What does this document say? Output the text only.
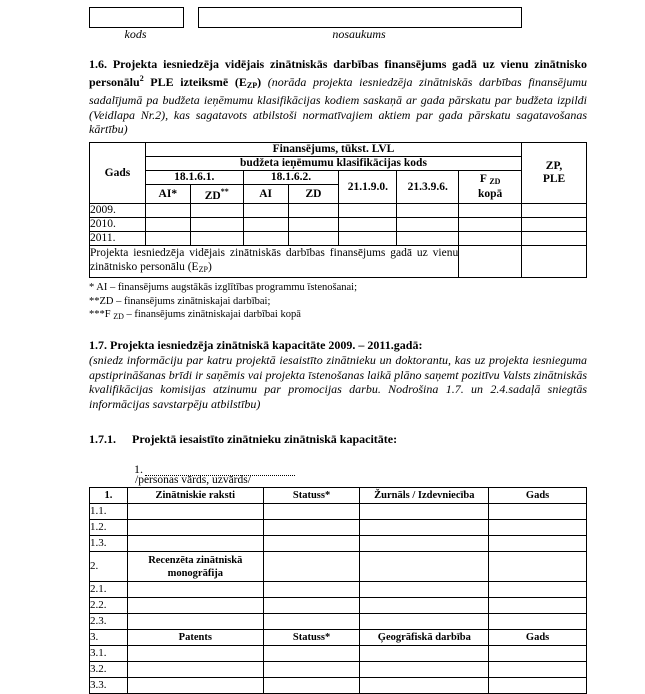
kods	nosaukums
1.6. Projekta iesniedzēja vidējais zinātniskās darbības finansējums gadā uz vienu zinātnisko personālu$^2$ PLE izteiksmē $(E_{ZP})$ (norāda projekta iesniedzēja zinātniskās darbības finansējumu sadalījumā pa budžeta ieņēmumu klasifikācijas kodiem saskaņā ar gada pārskatu par budžeta izpildi (Veidlapa Nr.2), kas sagatavots atbilstoši normatīvajiem aktiem par gada pārskatu sagatavošanas kārtību)
Gads	Finansējums, tūkst. LVL							ZP,
PLE
	budžeta ieņēmumu klasifikācijas kods							
	18.1.6.1.		18.1.6.2.		21.1.9.0.	21.3.9.6.	F $_{ZD}$
kopā	
	AI*	ZD**	AI	ZD				
2009.								
2010.								
2011.								
Projekta iesniedzēja vidējais zinātniskās darbības finansējums gadā uz vienu zinātnisko personālu $(E_{ZP})$								

* AI – finansējums augstākās izglītības programmu īstenošanai;

**ZD – finansējums zinātniskajai darbībai;

***F $_{ZD}$ – finansējums zinātniskajai darbībai kopā

1.7. Projekta iesniedzēja zinātniskā kapacitāte 2009. – 2011.gadā:
(sniedz informāciju par katru projektā iesaistīto zinātnieku un doktorantu, kas uz projekta iesnieguma apstiprināšanas brīdi ir saņēmis vai projekta īstenošanas laikā plāno saņemt pozitīvu Valsts zinātniskās kvalifikācijas komisijas atzinumu par promocijas darbu. Nodrošina 1.7. un 2.4.sadaļā sniegtās informācijas savstarpēju atbilstību)
1.7.1. Projektā iesaistīto zinātnieku zinātniskā kapacitāte:
1.
/personas vārds, uzvārds/
1.	Zinātniskie raksti	Statuss*	Žurnāls / Izdevniecība	Gads
1.1.				
1.2.				
1.3.				
2.	Recenzēta zinātniskā monogrāfija			
2.1.				
2.2.				
2.3.				
3.	Patents	Statuss*	Ģeogrāfiskā darbība	Gads
3.1.				
3.2.				
3.3.				
